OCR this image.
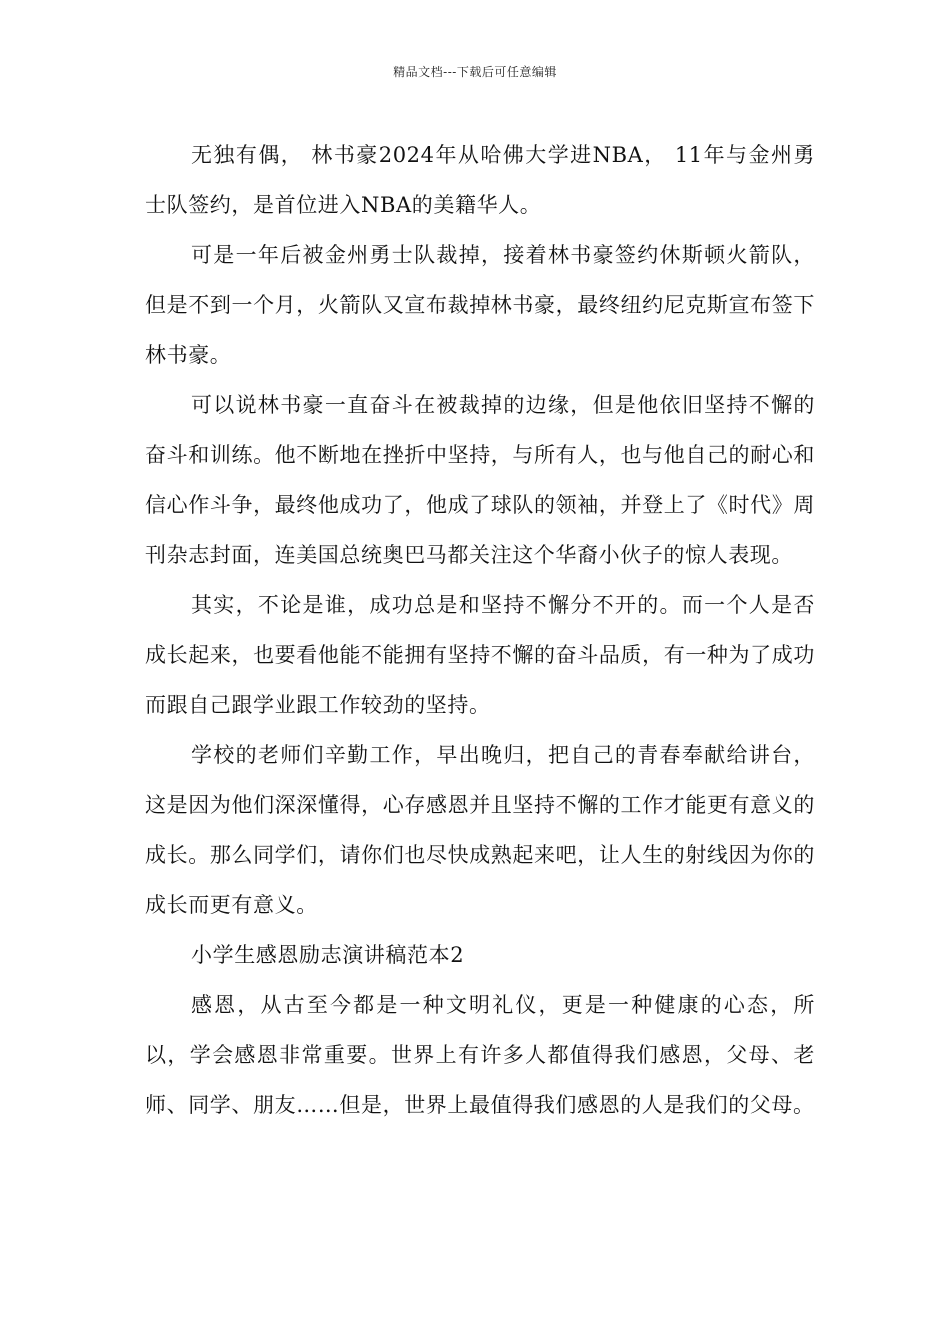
精品文档---下载后可任意编辑

无独有偶， 林书豪2024年从哈佛大学进NBA， 11年与金州勇士队签约，是首位进入NBA的美籍华人。

可是一年后被金州勇士队裁掉，接着林书豪签约休斯顿火箭队，但是不到一个月，火箭队又宣布裁掉林书豪，最终纽约尼克斯宣布签下林书豪。

可以说林书豪一直奋斗在被裁掉的边缘，但是他依旧坚持不懈的奋斗和训练。他不断地在挫折中坚持，与所有人，也与他自己的耐心和信心作斗争，最终他成功了，他成了球队的领袖，并登上了《时代》周刊杂志封面，连美国总统奥巴马都关注这个华裔小伙子的惊人表现。

其实，不论是谁，成功总是和坚持不懈分不开的。而一个人是否成长起来，也要看他能不能拥有坚持不懈的奋斗品质，有一种为了成功而跟自己跟学业跟工作较劲的坚持。

学校的老师们辛勤工作，早出晚归，把自己的青春奉献给讲台，这是因为他们深深懂得，心存感恩并且坚持不懈的工作才能更有意义的成长。那么同学们，请你们也尽快成熟起来吧，让人生的射线因为你的成长而更有意义。

小学生感恩励志演讲稿范本2

感恩，从古至今都是一种文明礼仪，更是一种健康的心态，所以，学会感恩非常重要。世界上有许多人都值得我们感恩，父母、老师、同学、朋友……但是，世界上最值得我们感恩的人是我们的父母。
